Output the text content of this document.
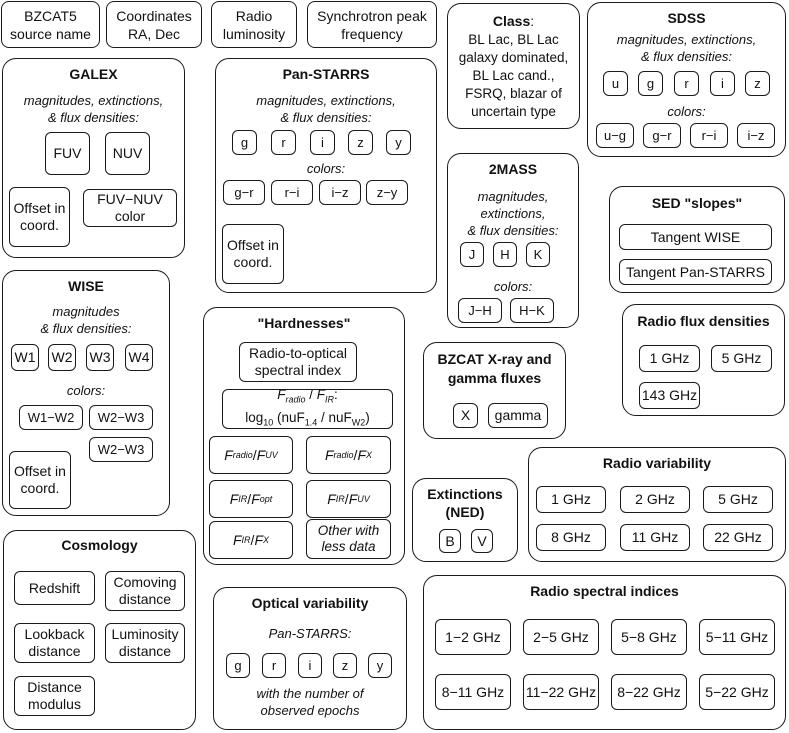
BZCAT5
source name
Coordinates
RA, Dec
Radio
luminosity
Synchrotron peak
frequency
Class:
BL Lac, BL Lac
galaxy dominated,
BL Lac cand.,
FSRQ, blazar of
uncertain type
SDSS
magnitudes, extinctions,
& flux densities:
u	g	r	i	z
colors:
u−g	g−r	r−i	i−z
GALEX
magnitudes, extinctions,
& flux densities:
FUV	NUV
Offset in
coord.
FUV−NUV
color
Pan-STARRS
magnitudes, extinctions,
& flux densities:
g	r	i	z	y
colors:
g−r	r−i	i−z	z−y
Offset in
coord.
2MASS
magnitudes,
extinctions,
& flux densities:
J	H	K
colors:
J−H	H−K
SED "slopes"
Tangent WISE
Tangent Pan-STARRS
WISE
magnitudes
& flux densities:
W1 W2 W3 W4
colors:
W1−W2	W2−W3
W2−W3
Offset in
coord.
"Hardnesses"
Radio-to-optical
spectral index
$F_{radio} / F_{IR}$:
$\log_{10} (nuF_{1.4} / nuF_{W2})$
F radio / F UV	F radio / F X
F IR / F opt	F IR / F UV
F IR / F X
Other with
less data
Radio flux densities
1 GHz	5 GHz
143 GHz
BZCAT X-ray and
gamma fluxes
X	gamma
Radio variability
1 GHz	2 GHz	5 GHz
8 GHz	11 GHz	22 GHz
Extinctions
(NED)
B	V
Cosmology
Redshift	Comoving
distance
Lookback
distance
Luminosity
distance
Distance
modulus
Optical variability
Pan-STARRS:
g	r	i	z	y
with the number of
observed epochs
Radio spectral indices
1−2 GHz	2−5 GHz	5−8 GHz	5−11 GHz
8−11 GHz	11−22 GHz	8−22 GHz	5−22 GHz
